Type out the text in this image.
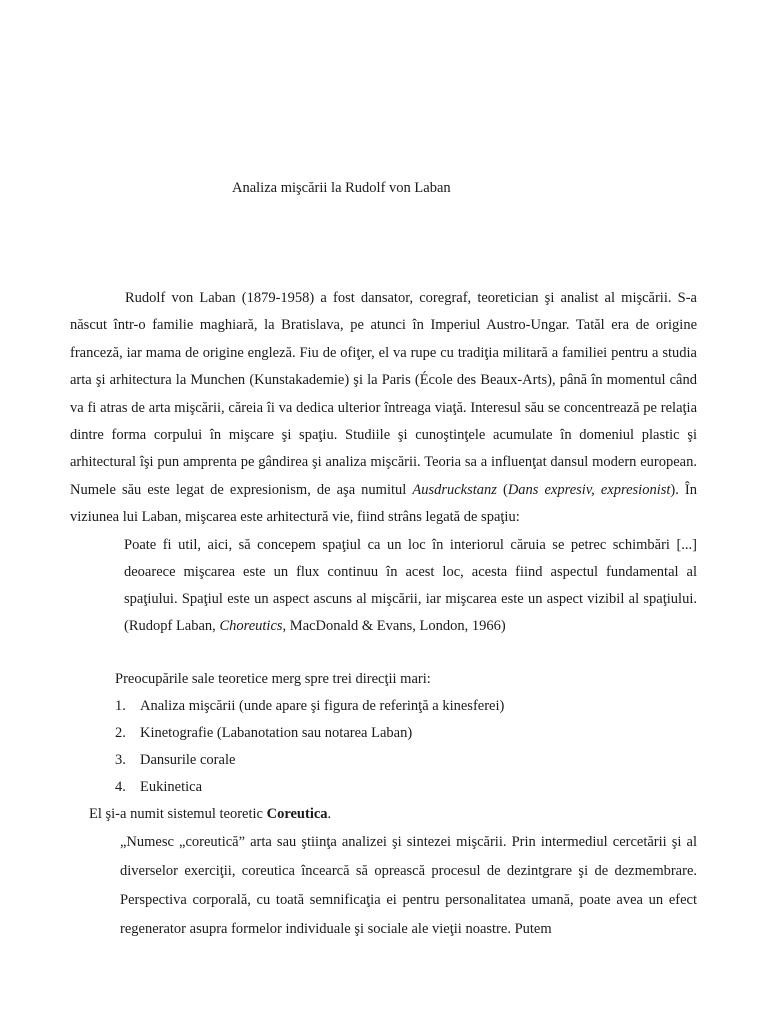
Analiza mişcării la Rudolf von Laban

Rudolf von Laban (1879-1958) a fost dansator, coregraf, teoretician şi analist al mişcării. S-a născut într-o familie maghiară, la Bratislava, pe atunci în Imperiul Austro-Ungar. Tatăl era de origine franceză, iar mama de origine engleză. Fiu de ofiţer, el va rupe cu tradiţia militară a familiei pentru a studia arta şi arhitectura la Munchen (Kunstakademie) şi la Paris (École des Beaux-Arts), până în momentul când va fi atras de arta mişcării, căreia îi va dedica ulterior întreaga viaţă. Interesul său se concentrează pe relaţia dintre forma corpului în mişcare şi spaţiu. Studiile şi cunoştinţele acumulate în domeniul plastic şi arhitectural îşi pun amprenta pe gândirea şi analiza mişcării. Teoria sa a influenţat dansul modern european. Numele său este legat de expresionism, de aşa numitul Ausdruckstanz (Dans expresiv, expresionist). În viziunea lui Laban, mişcarea este arhitectură vie, fiind strâns legată de spaţiu:

Poate fi util, aici, să concepem spaţiul ca un loc în interiorul căruia se petrec schimbări [...] deoarece mişcarea este un flux continuu în acest loc, acesta fiind aspectul fundamental al spaţiului. Spaţiul este un aspect ascuns al mişcării, iar mişcarea este un aspect vizibil al spaţiului. (Rudopf Laban, Choreutics, MacDonald & Evans, London, 1966)

Preocupările sale teoretice merg spre trei direcţii mari:

1. Analiza mişcării (unde apare şi figura de referinţă a kinesferei)
2. Kinetografie (Labanotation sau notarea Laban)
3. Dansurile corale
4. Eukinetica

El şi-a numit sistemul teoretic Coreutica.

„Numesc „coreutică” arta sau ştiinţa analizei şi sintezei mişcării. Prin intermediul cercetării şi al diverselor exerciţii, coreutica încearcă să oprească procesul de dezintgrare şi de dezmembrare. Perspectiva corporală, cu toată semnificaţia ei pentru personalitatea umană, poate avea un efect regenerator asupra formelor individuale şi sociale ale vieţii noastre. Putem
